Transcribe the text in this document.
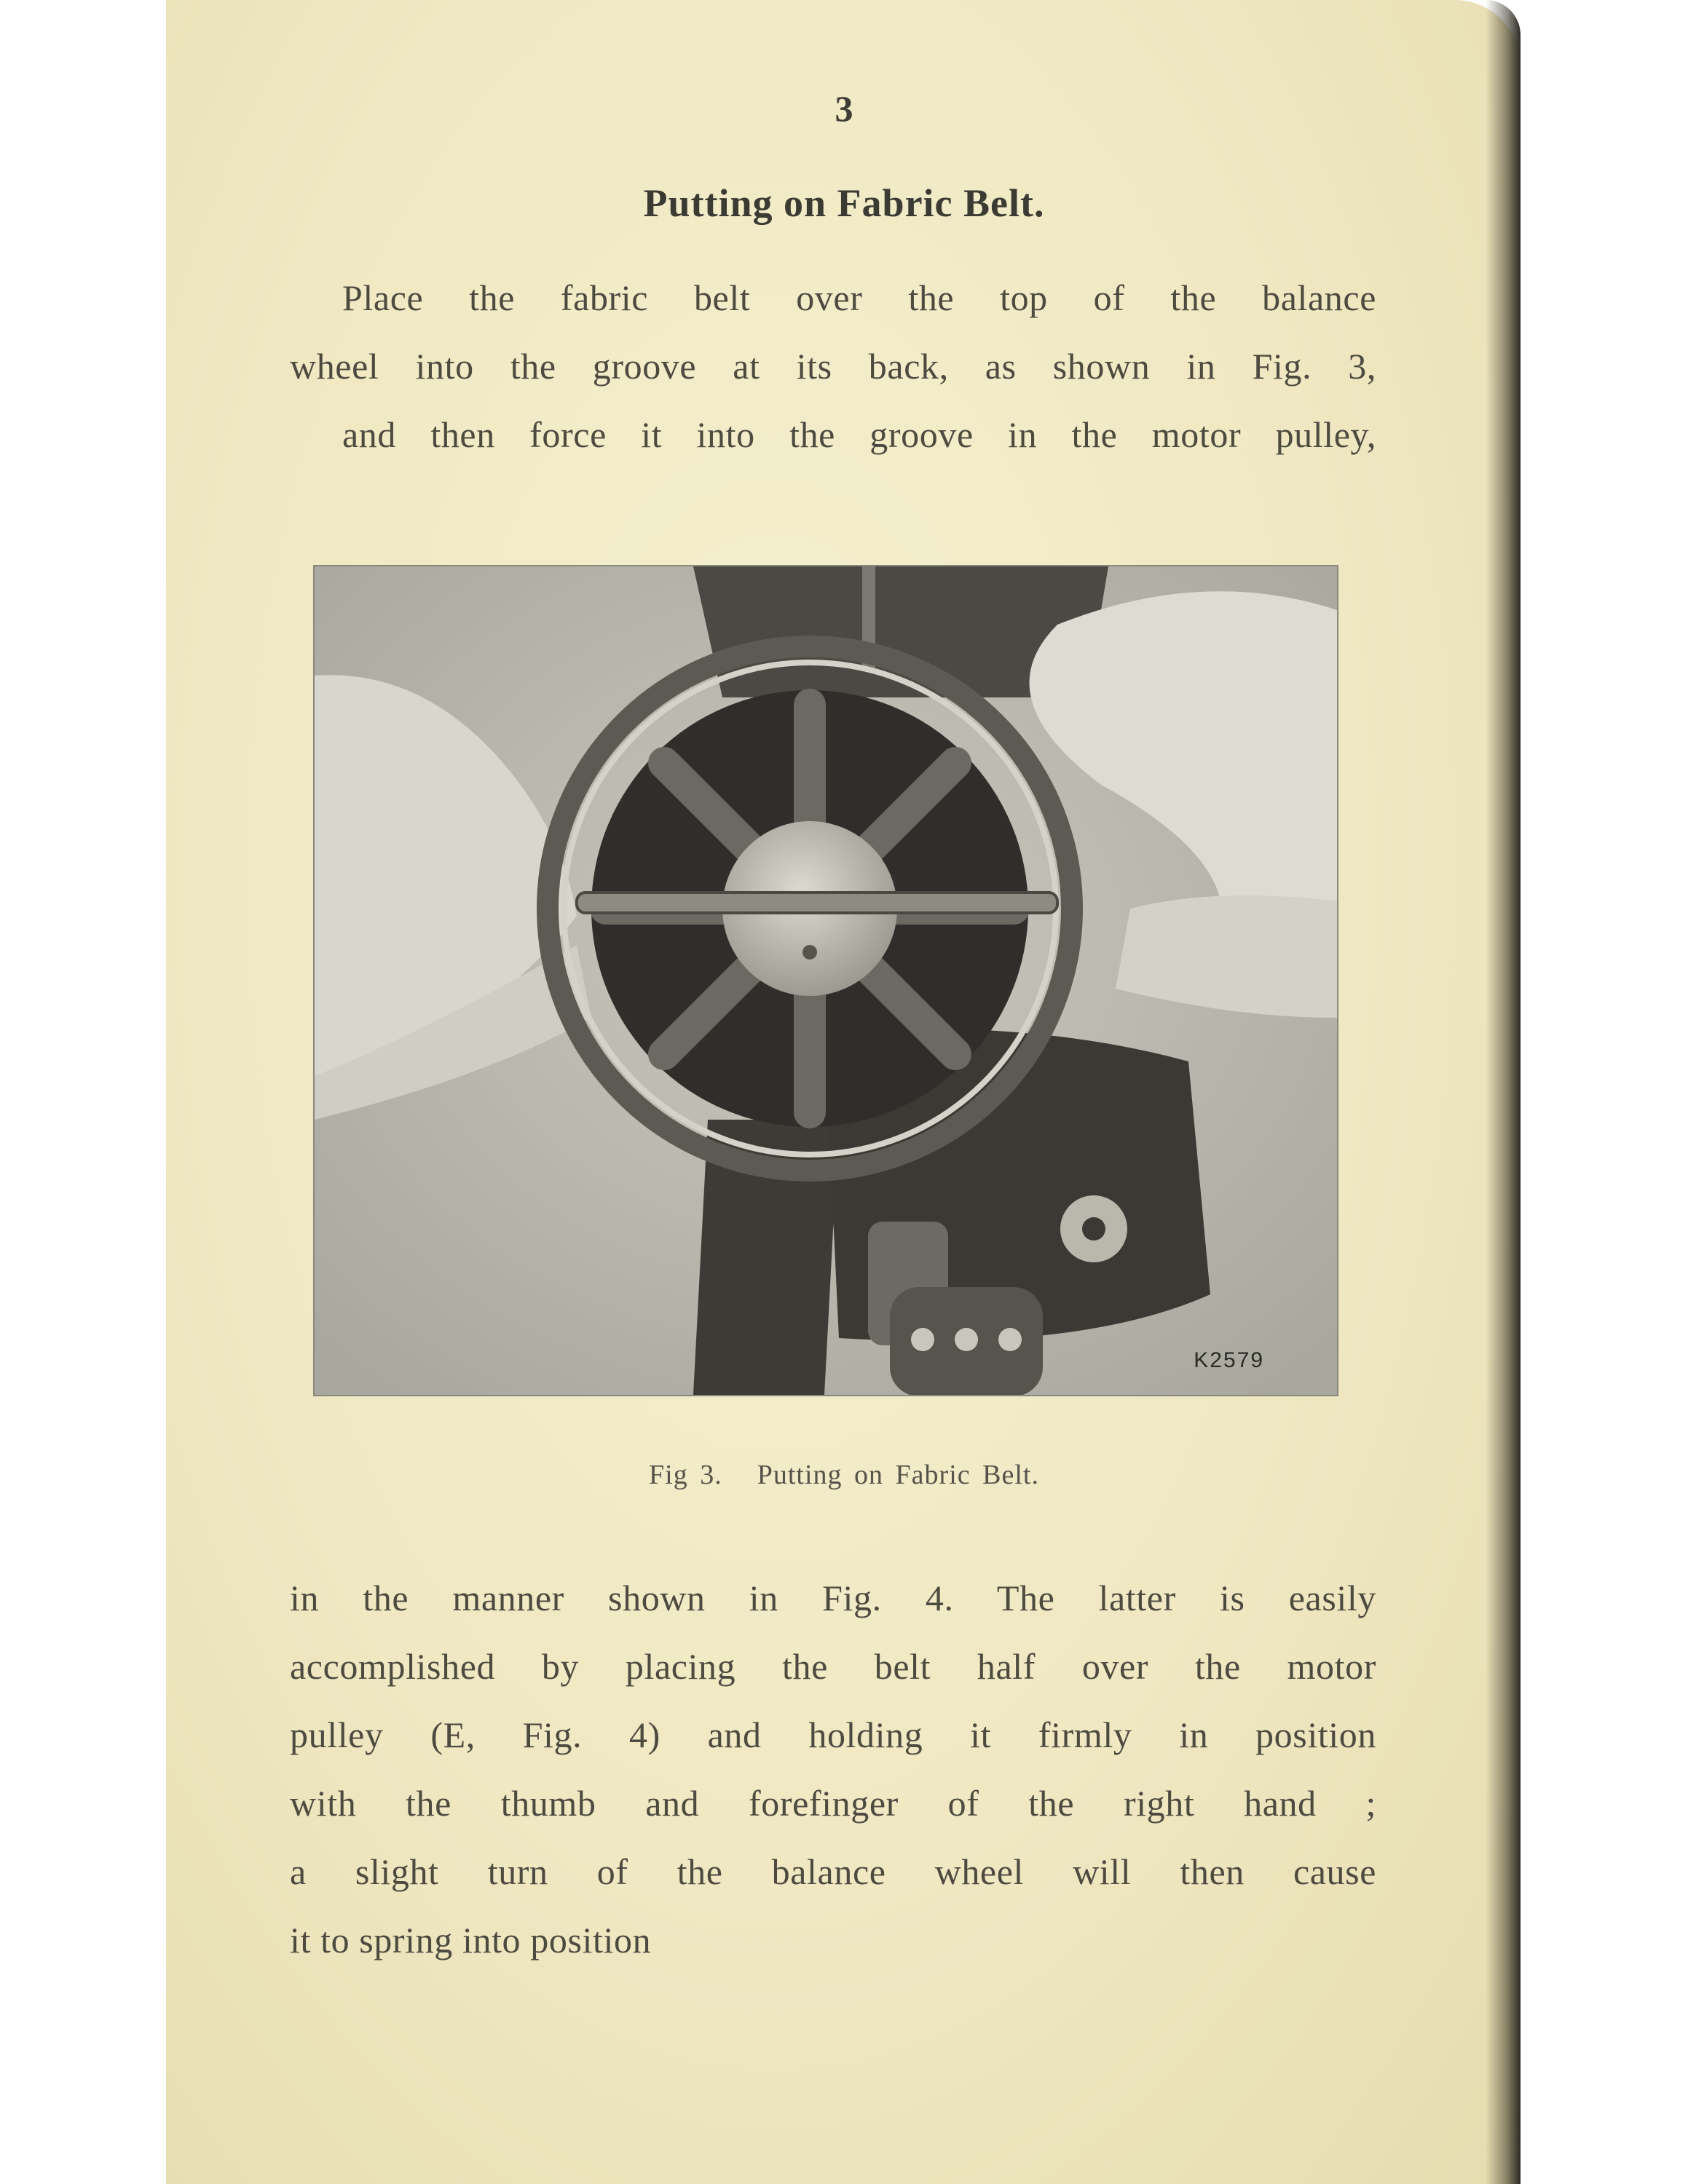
3
Putting on Fabric Belt.
Place the fabric belt over the top of the balance
wheel into the groove at its back, as shown in Fig. 3,

and then force it into the groove in the motor pulley,
K2579
Fig 3. Putting on Fabric Belt.
in the manner shown in Fig. 4. The latter is easily
accomplished by placing the belt half over the motor
pulley (E, Fig. 4) and holding it firmly in position
with the thumb and forefinger of the right hand ;
a slight turn of the balance wheel will then cause

it to spring into position
